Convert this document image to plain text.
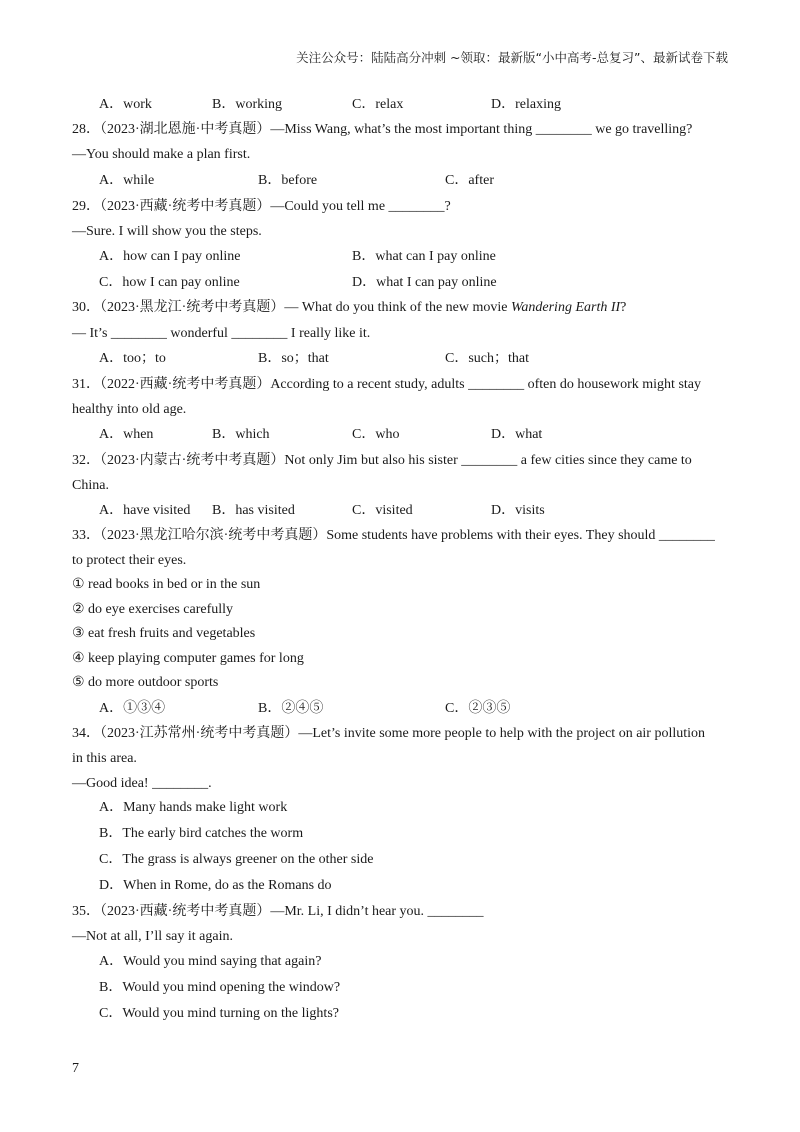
关注公众号：陆陆高分冲刺 ~领取：最新版“小中高考-总复习”、最新试卷下载
A．work	B．working	C．relax	D．relaxing
28．（2023·湖北恩施·中考真题）—Miss Wang, what’s the most important thing ________ we go travelling?
—You should make a plan first.
A．while	B．before	C．after
29．（2023·西藏·统考中考真题）—Could you tell me ________?
—Sure. I will show you the steps.
A．how can I pay online	B．what can I pay online
C．how I can pay online	D．what I can pay online
30．（2023·黑龙江·统考中考真题）— What do you think of the new movie Wandering Earth II?
— It’s ________ wonderful ________ I really like it.
A．too；to	B．so；that	C．such；that
31．（2022·西藏·统考中考真题）According to a recent study, adults ________ often do housework might stay
healthy into old age.
A．when	B．which	C．who	D．what
32．（2023·内蒙古·统考中考真题）Not only Jim but also his sister ________ a few cities since they came to
China.
A．have visited B．has visited	C．visited	D．visits
33．（2023·黑龙江哈尔滨·统考中考真题）Some students have problems with their eyes. They should ________
to protect their eyes.
① read books in bed or in the sun
② do eye exercises carefully
③ eat fresh fruits and vegetables
④ keep playing computer games for long
⑤ do more outdoor sports
A．①③④	B．②④⑤	C．②③⑤
34．（2023·江苏常州·统考中考真题）—Let’s invite some more people to help with the project on air pollution
in this area.
—Good idea! ________.
A．Many hands make light work
B．The early bird catches the worm
C．The grass is always greener on the other side
D．When in Rome, do as the Romans do
35．（2023·西藏·统考中考真题）—Mr. Li, I didn’t hear you. ________
—Not at all, I’ll say it again.
A．Would you mind saying that again?
B．Would you mind opening the window?
C．Would you mind turning on the lights?
7
